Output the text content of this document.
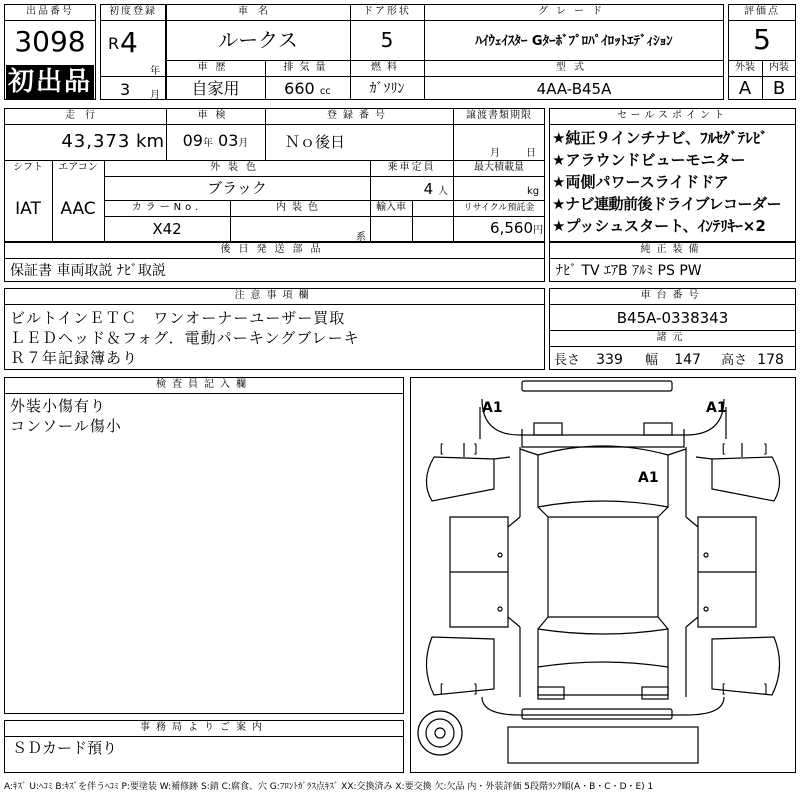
出品番号
3098
初出品
初度登録
R 4
年
3 月
車名
ルークス
ドア形状
5
グレード
ﾊｲｳｪｲｽﾀｰ Gﾀｰﾎﾞﾌﾟﾛﾊﾟｲﾛｯﾄｴﾃﾞｨｼｮﾝ
車歴
自家用
排気量
660 cc
燃料
ｶﾞｿﾘﾝ
型式
4AA-B45A
評価点
5
外装	内装
A	B
走行
43,373 km
車検
09年 03月
登録番号
Ｎｏ後日
譲渡書類期限
月	日
シフト
IAT
エアコン
AAC
外装色
ブラック
乗車定員
4 人
最大積載量
kg
カラーNo.
X42
内装色
系
輸入車	リサイクル預託金
6,560円
後日発送部品
保証書 車両取説 ﾅﾋﾞ取説
セールスポイント
★純正９インチナビ、ﾌﾙｾｸﾞﾃﾚﾋﾞ
★アラウンドビューモニター
★両側パワースライドドア
★ナビ連動前後ドライブレコーダー
★プッシュスタート、ｲﾝﾃﾘｷｰ×2
純正装備
ﾅﾋﾞ TV ｴｱB ｱﾙﾐ PS PW
注意事項欄
ビルトインＥＴＣ　ワンオーナーユーザー買取
ＬＥＤヘッド＆フォグ．電動パーキングブレーキ
Ｒ７年記録簿あり
車台番号
B45A-0338343
諸元
長さ 339 幅 147 高さ 178
検査員記入欄
外装小傷有り
コンソール傷小
[ ]	[	]
[ ]	[	]
A1	A1
A1
事務局よりご案内
ＳＤカード預り
A:ｷｽﾞ U:ﾍｺﾐ B:ｷｽﾞを伴うﾍｺﾐ P:要塗装 W:補修跡 S:錆 C:腐食、穴 G:ﾌﾛﾝﾄｶﾞﾗｽ点ｷｽﾞ XX:交換済み X:要交換 欠:欠品 内・外装評価 5段階ﾗﾝｸ順(A・B・C・D・E) 1
